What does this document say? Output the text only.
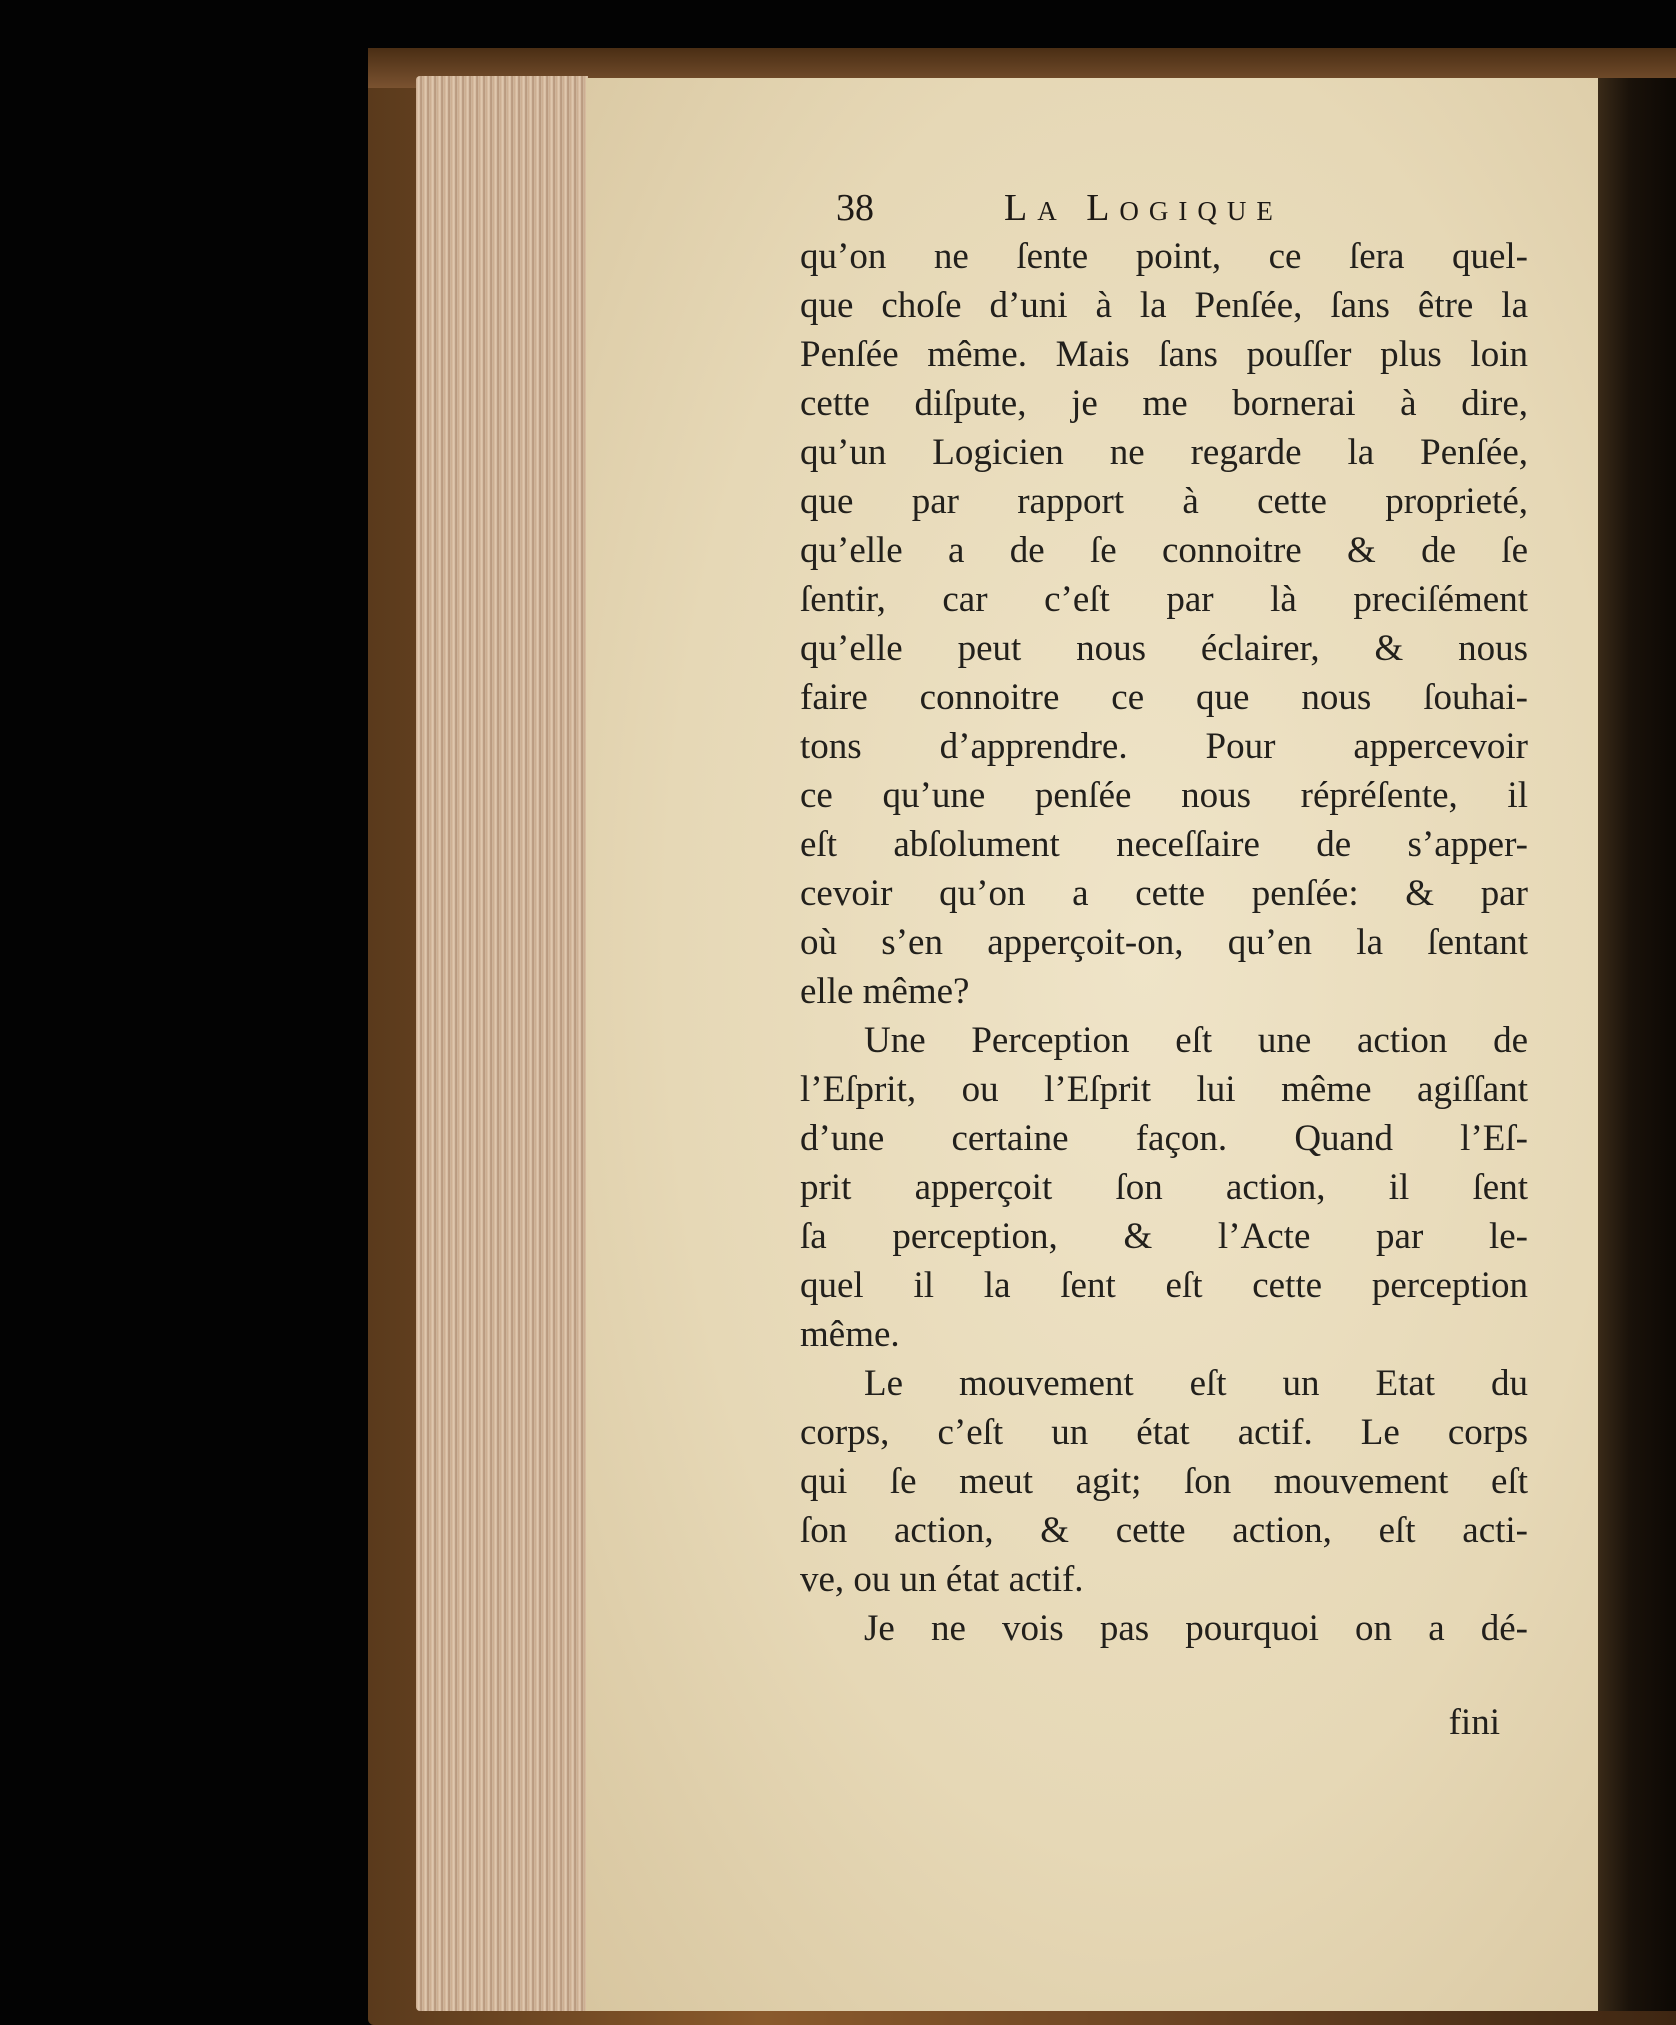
38	La Logique
qu’on ne ſente point, ce ſera quel-
que choſe d’uni à la Penſée, ſans être la
Penſée même. Mais ſans pouſſer plus loin
cette diſpute, je me bornerai à dire,
qu’un Logicien ne regarde la Penſée,
que par rapport à cette proprieté,
qu’elle a de ſe connoitre & de ſe
ſentir, car c’eſt par là preciſément
qu’elle peut nous éclairer, & nous
faire connoitre ce que nous ſouhai-
tons d’apprendre. Pour appercevoir
ce qu’une penſée nous répréſente, il
eſt abſolument neceſſaire de s’apper-
cevoir qu’on a cette penſée: & par
où s’en apperçoit-on, qu’en la ſentant
elle même?
Une Perception eſt une action de
l’Eſprit, ou l’Eſprit lui même agiſſant
d’une certaine façon. Quand l’Eſ-
prit apperçoit ſon action, il ſent
ſa perception, & l’Acte par le-
quel il la ſent eſt cette perception
même.
Le mouvement eſt un Etat du
corps, c’eſt un état actif. Le corps
qui ſe meut agit; ſon mouvement eſt
ſon action, & cette action, eſt acti-
ve, ou un état actif.
Je ne vois pas pourquoi on a dé-
fini
